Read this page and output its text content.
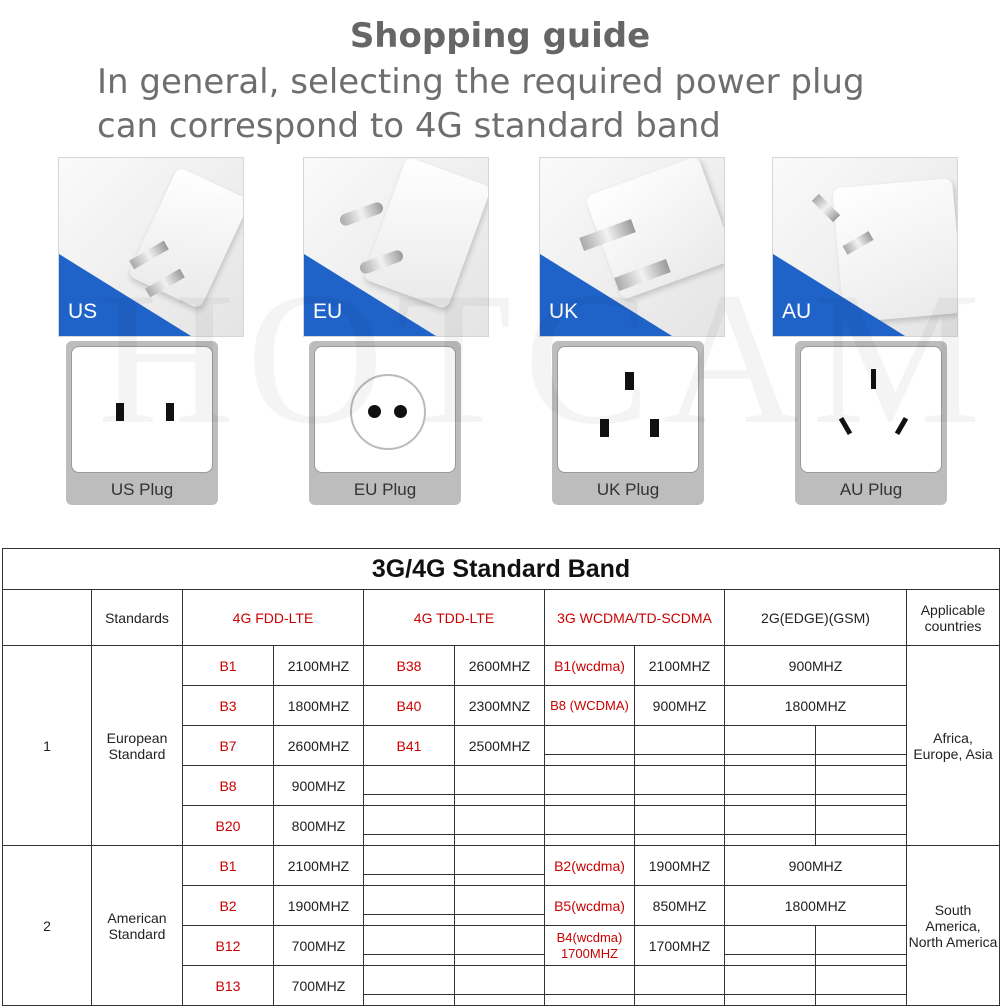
Shopping guide
In general, selecting the required power plug
can correspond to 4G standard band
US	EU	UK	AU
US Plug	EU Plug	UK Plug	AU Plug
3G/4G Standard Band										
	Standards	4G FDD-LTE		4G TDD-LTE		3G WCDMA/TD-SCDMA		2G(EDGE)(GSM)		Applicable countries
1	European Standard	B1	2100MHZ	B38	2600MHZ	B1(wcdma)	2100MHZ	900MHZ		Africa, Europe, Asia
		B3	1800MHZ	B40	2300MNZ	B8 (WCDMA)	900MHZ	1800MHZ		
		B7	2600MHZ	B41	2500MHZ		

		B8	900MHZ		

		B20	800MHZ		

2	American Standard	B1	2100MHZ			B2(wcdma)	1900MHZ	900MHZ		South America, North America
		B2	1900MHZ			B5(wcdma)	850MHZ	1800MHZ		
		B12	700MHZ			B4(wcdma) 1700MHZ	1700MHZ		

		B13	700MHZ		
